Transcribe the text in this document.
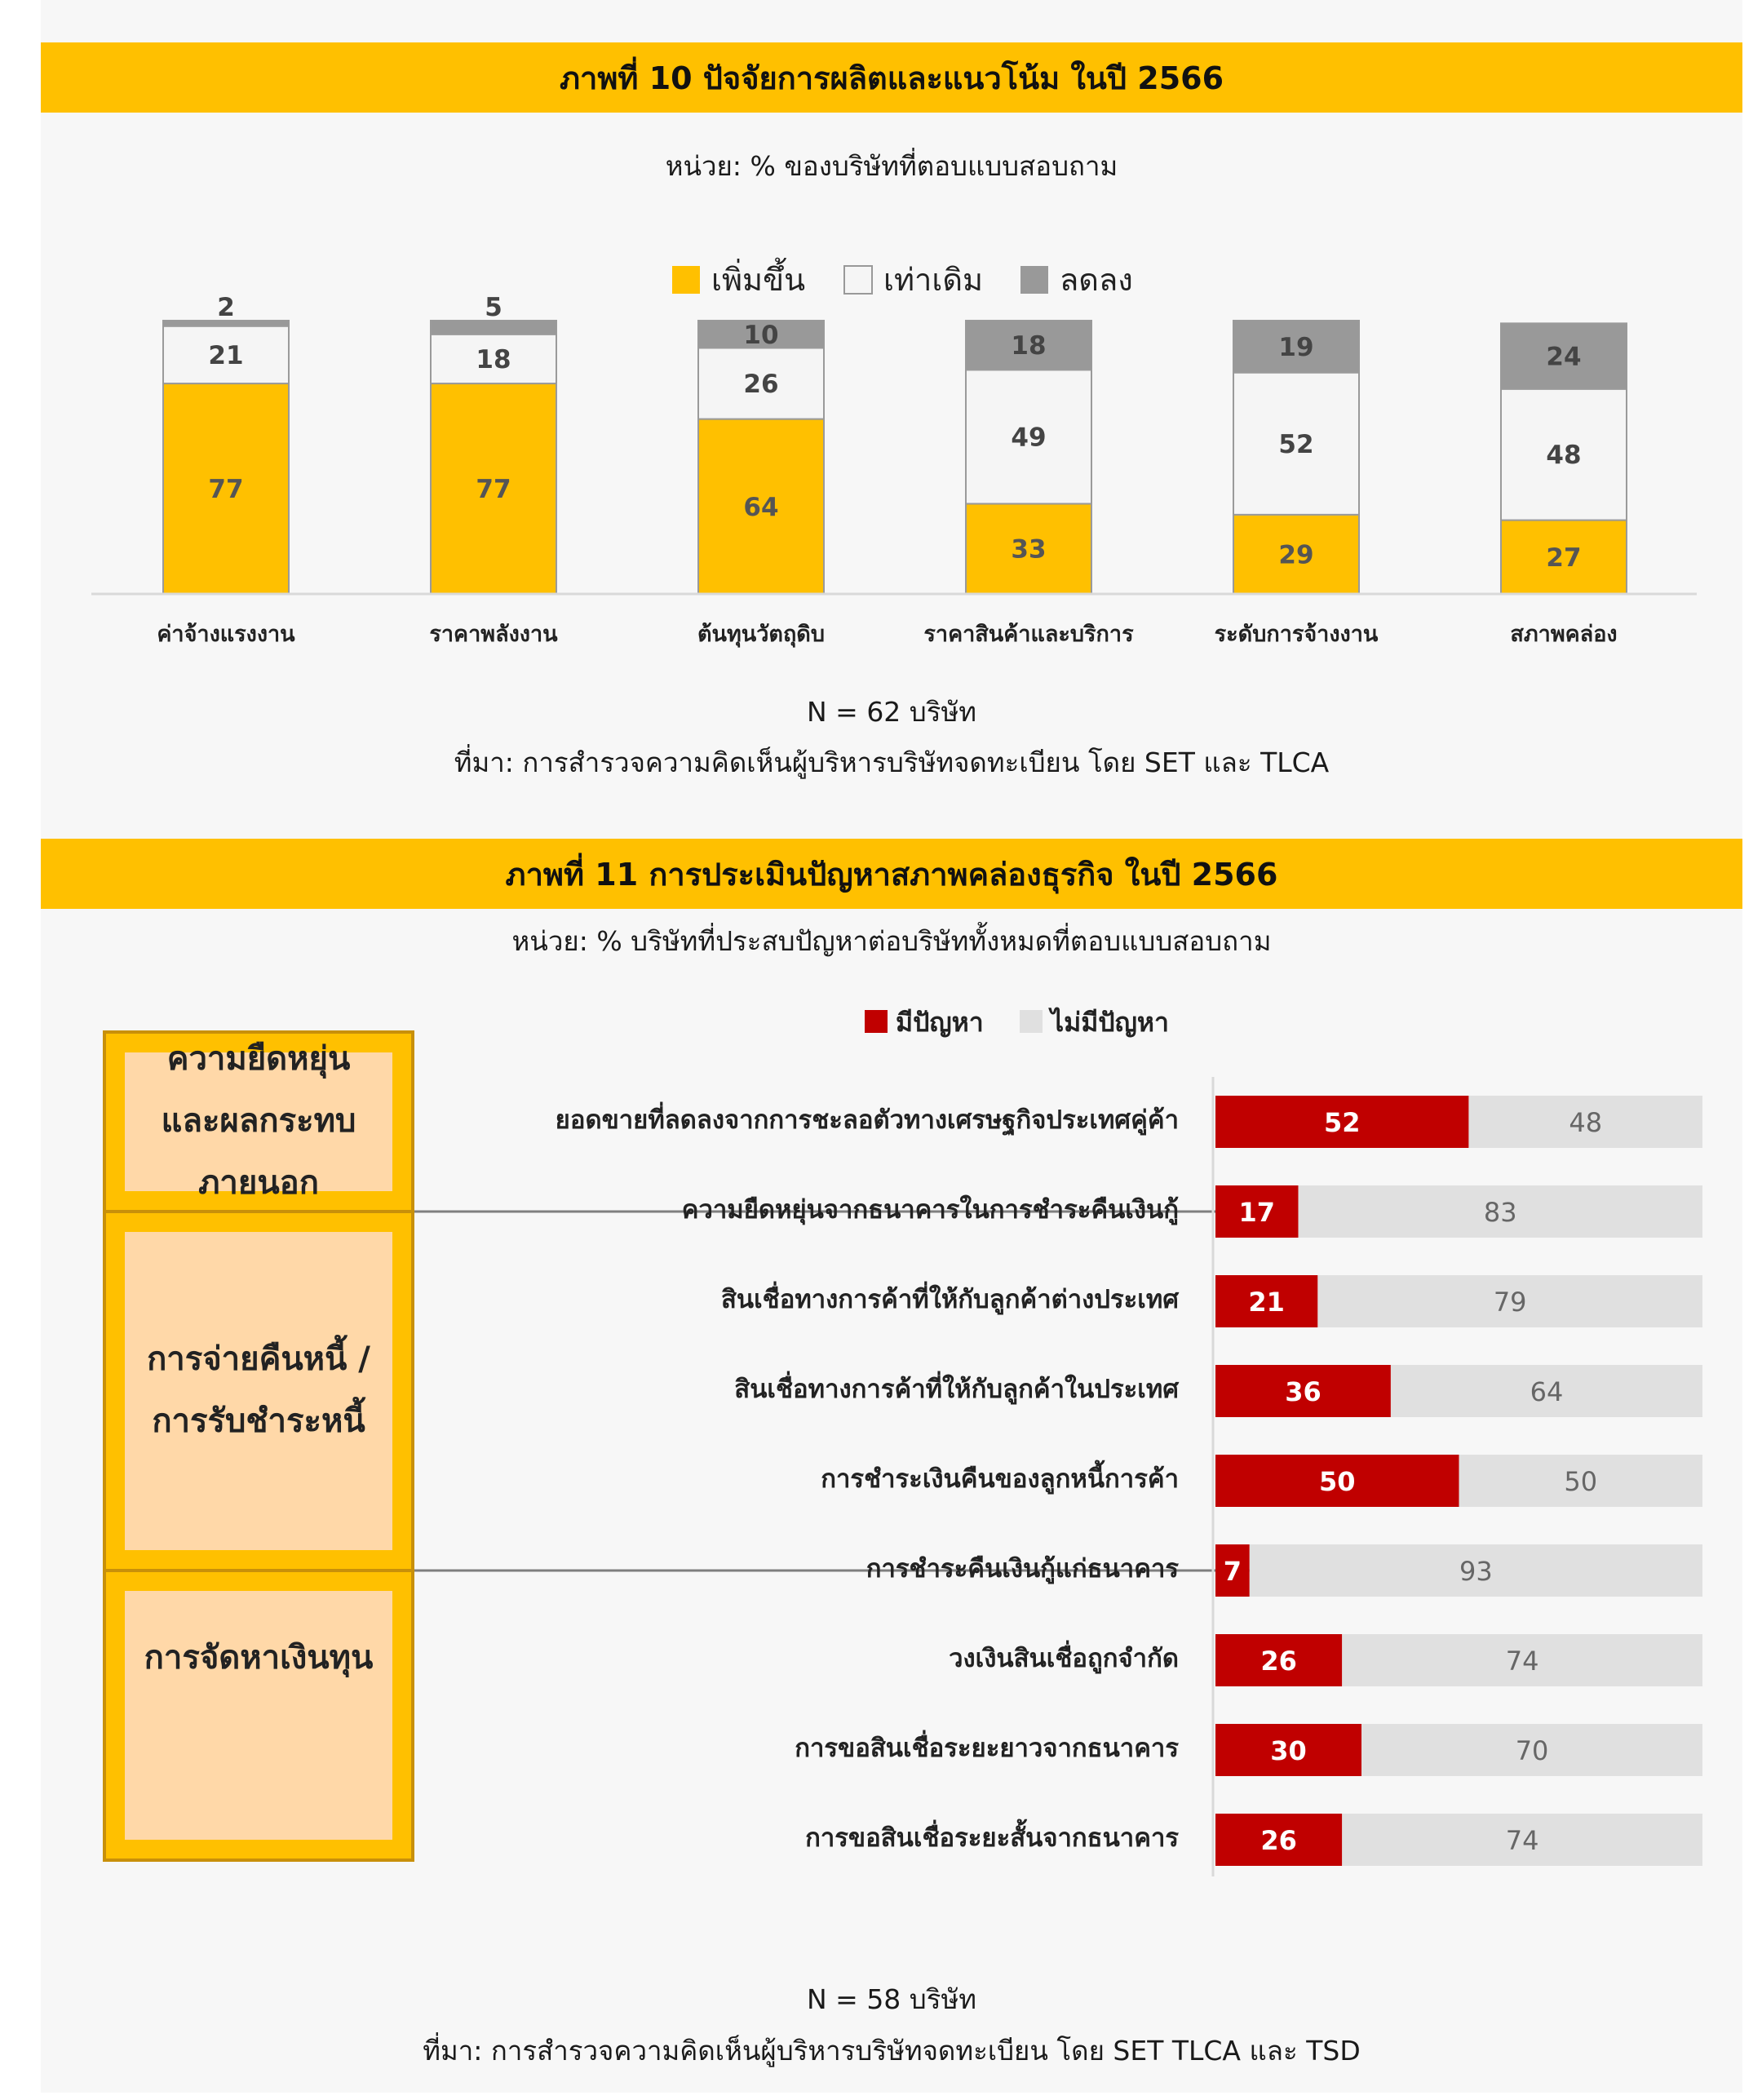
ภาพที่ 10 ปัจจัยการผลิตและแนวโน้ม ในปี 2566
หน่วย: % ของบริษัทที่ตอบแบบสอบถาม
เพิ่มขึ้น	เท่าเดิม ลดลง
77
21
2
77
18
5
64
26
10
33
49
18
29
52
19
27
48
24
ค่าจ้างแรงงาน	ราคาพลังงาน	ต้นทุนวัตถุดิบ	ราคาสินค้าและบริการ	ระดับการจ้างงาน	สภาพคล่อง
N = 62 บริษัท
ที่มา: การสำรวจความคิดเห็นผู้บริหารบริษัทจดทะเบียน โดย SET และ TLCA
ภาพที่ 11 การประเมินปัญหาสภาพคล่องธุรกิจ ในปี 2566
หน่วย: % บริษัทที่ประสบปัญหาต่อบริษัททั้งหมดที่ตอบแบบสอบถาม
มีปัญหา	ไม่มีปัญหา
ความยืดหยุ่น
และผลกระทบ
ภายนอก
การจ่ายคืนหนี้ /
การรับชำระหนี้
การจัดหาเงินทุน
ยอดขายที่ลดลงจากการชะลอตัวทางเศรษฐกิจประเทศคู่ค้า	52	48
ความยืดหยุ่นจากธนาคารในการชำระคืนเงินกู้ 17	83
สินเชื่อทางการค้าที่ให้กับลูกค้าต่างประเทศ	21	79
สินเชื่อทางการค้าที่ให้กับลูกค้าในประเทศ	36	64
การชำระเงินคืนของลูกหนี้การค้า	50	50
การชำระคืนเงินกู้แก่ธนาคาร 7	93
วงเงินสินเชื่อถูกจำกัด	26	74
การขอสินเชื่อระยะยาวจากธนาคาร	30	70
การขอสินเชื่อระยะสั้นจากธนาคาร	26	74
N = 58 บริษัท
ที่มา: การสำรวจความคิดเห็นผู้บริหารบริษัทจดทะเบียน โดย SET TLCA และ TSD
